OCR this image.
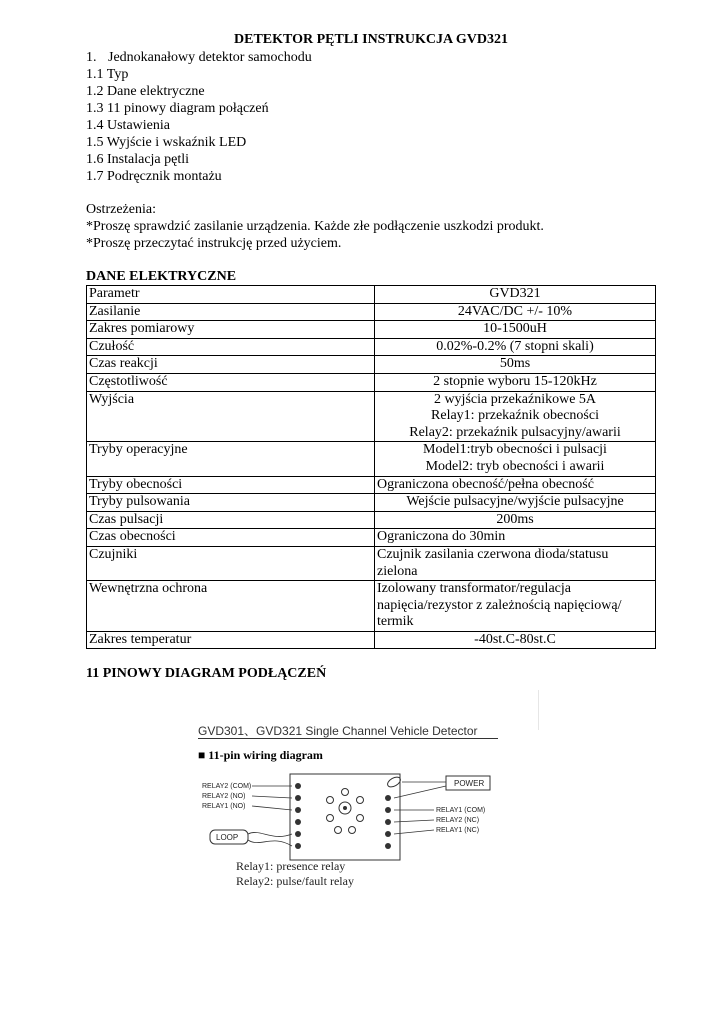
DETEKTOR PĘTLI INSTRUKCJA GVD321
1. Jednokanałowy detektor samochodu
1.1 Typ
1.2 Dane elektryczne
1.3 11 pinowy diagram połączeń
1.4 Ustawienia
1.5 Wyjście i wskaźnik LED
1.6 Instalacja pętli
1.7 Podręcznik montażu
Ostrzeżenia:
*Proszę sprawdzić zasilanie urządzenia. Każde złe podłączenie uszkodzi produkt.
*Proszę przeczytać instrukcję przed użyciem.
DANE ELEKTRYCZNE
Parametr	GVD321

Zasilanie	24VAC/DC +/- 10%

Zakres pomiarowy	10-1500uH

Czułość	0.02%-0.2% (7 stopni skali)

Czas reakcji	50ms

Częstotliwość	2 stopnie wyboru 15-120kHz

Wyjścia	2 wyjścia przekaźnikowe 5A
Relay1: przekaźnik obecności
Relay2: przekaźnik pulsacyjny/awarii

Tryby operacyjne	Model1:tryb obecności i pulsacji
Model2: tryb obecności i awarii

Tryby obecności	Ograniczona obecność/pełna obecność

Tryby pulsowania	Wejście pulsacyjne/wyjście pulsacyjne

Czas pulsacji	200ms

Czas obecności	Ograniczona do 30min

Czujniki	Czujnik zasilania czerwona dioda/statusu
zielona

Wewnętrzna ochrona	Izolowany transformator/regulacja
napięcia/rezystor z zależnością napięciową/
termik

Zakres temperatur	-40st.C-80st.C
11 PINOWY DIAGRAM PODŁĄCZEŃ
GVD301、GVD321 Single Channel Vehicle Detector
■ 11-pin wiring diagram
RELAY2 (COM)
RELAY2 (NO)
RELAY1 (NO)
LOOP
POWER
RELAY1 (COM)
RELAY2 (NC)
RELAY1 (NC)
Relay1: presence relay
Relay2: pulse/fault relay
